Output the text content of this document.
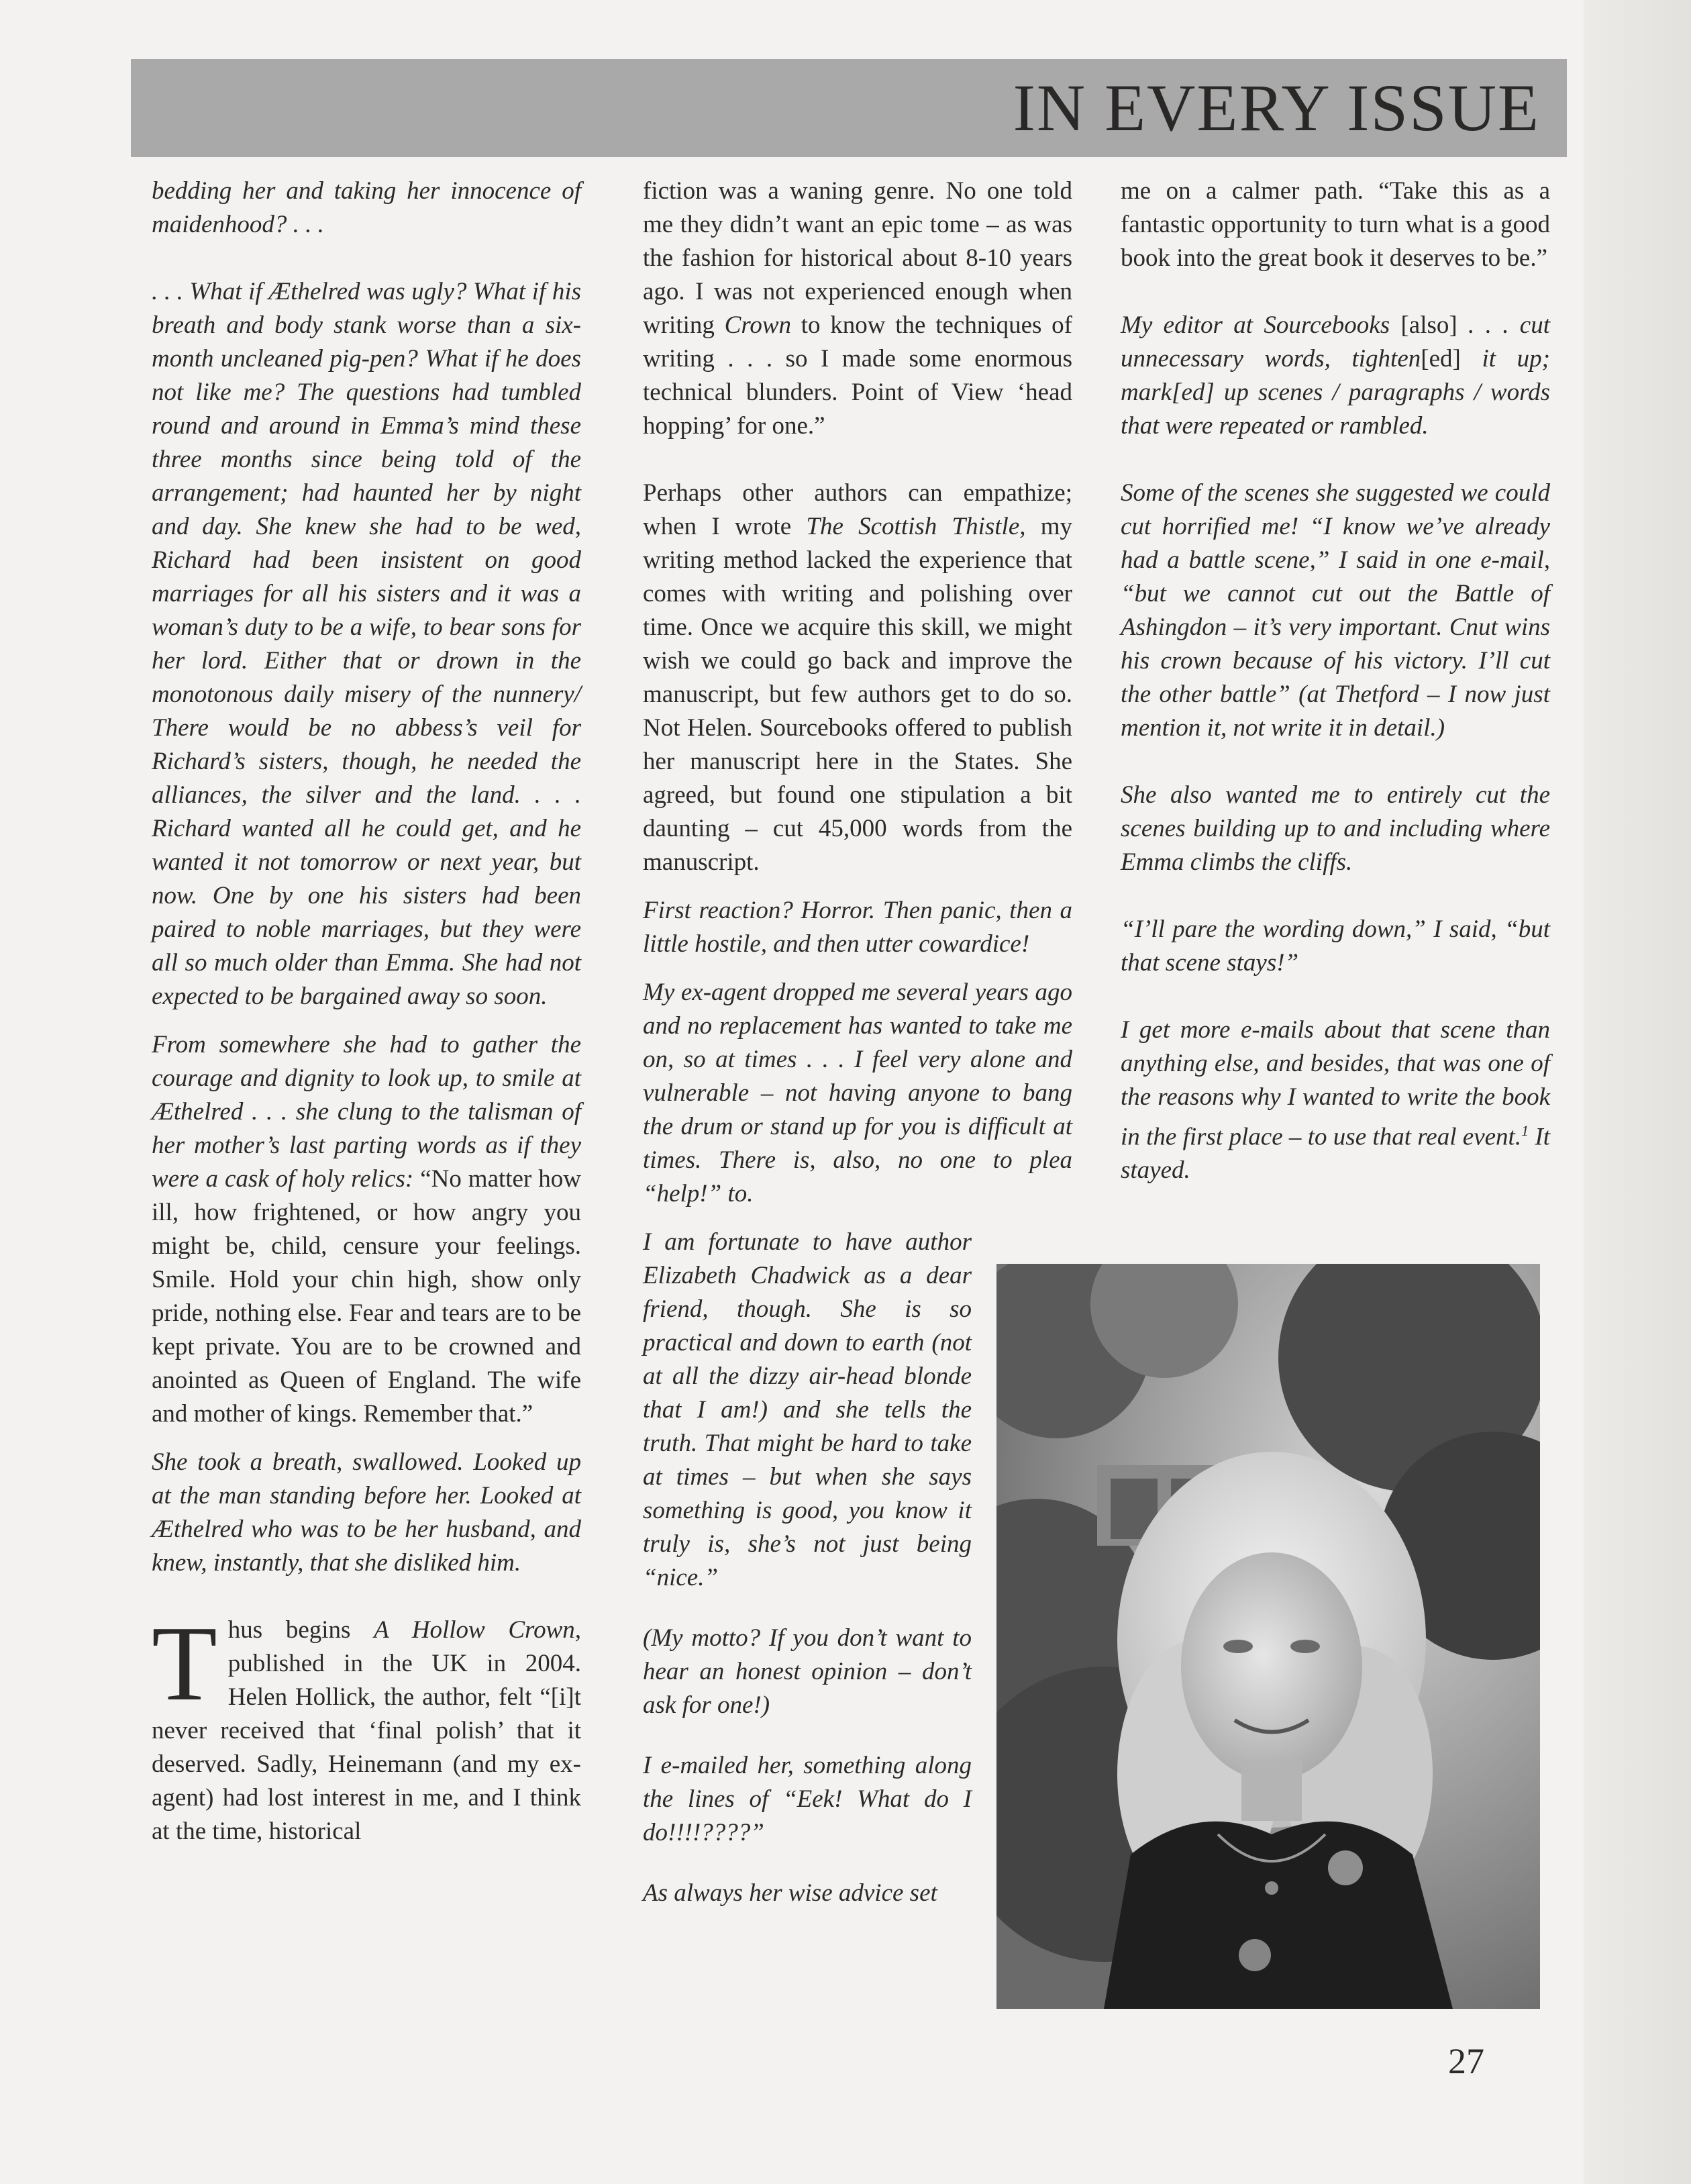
IN EVERY ISSUE

bedding her and taking her innocence of maidenhood? . . .

. . . What if Æthelred was ugly? What if his breath and body stank worse than a six-month uncleaned pig-pen? What if he does not like me? The questions had tumbled round and around in Emma’s mind these three months since being told of the arrangement; had haunted her by night and day. She knew she had to be wed, Richard had been insistent on good marriages for all his sisters and it was a woman’s duty to be a wife, to bear sons for her lord. Either that or drown in the monotonous daily misery of the nunnery/ There would be no abbess’s veil for Richard’s sisters, though, he needed the alliances, the silver and the land. . . . Richard wanted all he could get, and he wanted it not tomorrow or next year, but now. One by one his sisters had been paired to noble marriages, but they were all so much older than Emma. She had not expected to be bargained away so soon.

From somewhere she had to gather the courage and dignity to look up, to smile at Æthelred . . . she clung to the talisman of her mother’s last parting words as if they were a cask of holy relics: “No matter how ill, how frightened, or how angry you might be, child, censure your feelings. Smile. Hold your chin high, show only pride, nothing else. Fear and tears are to be kept private. You are to be crowned and anointed as Queen of England. The wife and mother of kings. Remember that.”

She took a breath, swallowed. Looked up at the man standing before her. Looked at Æthelred who was to be her husband, and knew, instantly, that she disliked him.

Thus begins A Hollow Crown, published in the UK in 2004. Helen Hollick, the author, felt “[i]t never received that ‘final polish’ that it deserved. Sadly, Heinemann (and my ex-agent) had lost interest in me, and I think at the time, historical

fiction was a waning genre. No one told me they didn’t want an epic tome – as was the fashion for historical about 8-10 years ago. I was not experienced enough when writing Crown to know the techniques of writing . . . so I made some enormous technical blunders. Point of View ‘head hopping’ for one.”

Perhaps other authors can empathize; when I wrote The Scottish Thistle, my writing method lacked the experience that comes with writing and polishing over time. Once we acquire this skill, we might wish we could go back and improve the manuscript, but few authors get to do so. Not Helen. Sourcebooks offered to publish her manuscript here in the States. She agreed, but found one stipulation a bit daunting – cut 45,000 words from the manuscript.

First reaction? Horror. Then panic, then a little hostile, and then utter cowardice!

My ex-agent dropped me several years ago and no replacement has wanted to take me on, so at times . . . I feel very alone and vulnerable – not having anyone to bang the drum or stand up for you is difficult at times. There is, also, no one to plea “help!” to.

I am fortunate to have author Elizabeth Chadwick as a dear friend, though. She is so practical and down to earth (not at all the dizzy air-head blonde that I am!) and she tells the truth. That might be hard to take at times – but when she says something is good, you know it truly is, she’s not just being “nice.”

(My motto? If you don’t want to hear an honest opinion – don’t ask for one!)

I e-mailed her, something along the lines of “Eek! What do I do!!!!????”

As always her wise advice set

me on a calmer path. “Take this as a fantastic opportunity to turn what is a good book into the great book it deserves to be.”

My editor at Sourcebooks [also] . . . cut unnecessary words, tighten[ed] it up; mark[ed] up scenes / paragraphs / words that were repeated or rambled.

Some of the scenes she suggested we could cut horrified me! “I know we’ve already had a battle scene,” I said in one e-mail, “but we cannot cut out the Battle of Ashingdon – it’s very important. Cnut wins his crown because of his victory. I’ll cut the other battle” (at Thetford – I now just mention it, not write it in detail.)

She also wanted me to entirely cut the scenes building up to and including where Emma climbs the cliffs.

“I’ll pare the wording down,” I said, “but that scene stays!”

I get more e-mails about that scene than anything else, and besides, that was one of the reasons why I wanted to write the book in the first place – to use that real event.$^1$ It stayed.

27
